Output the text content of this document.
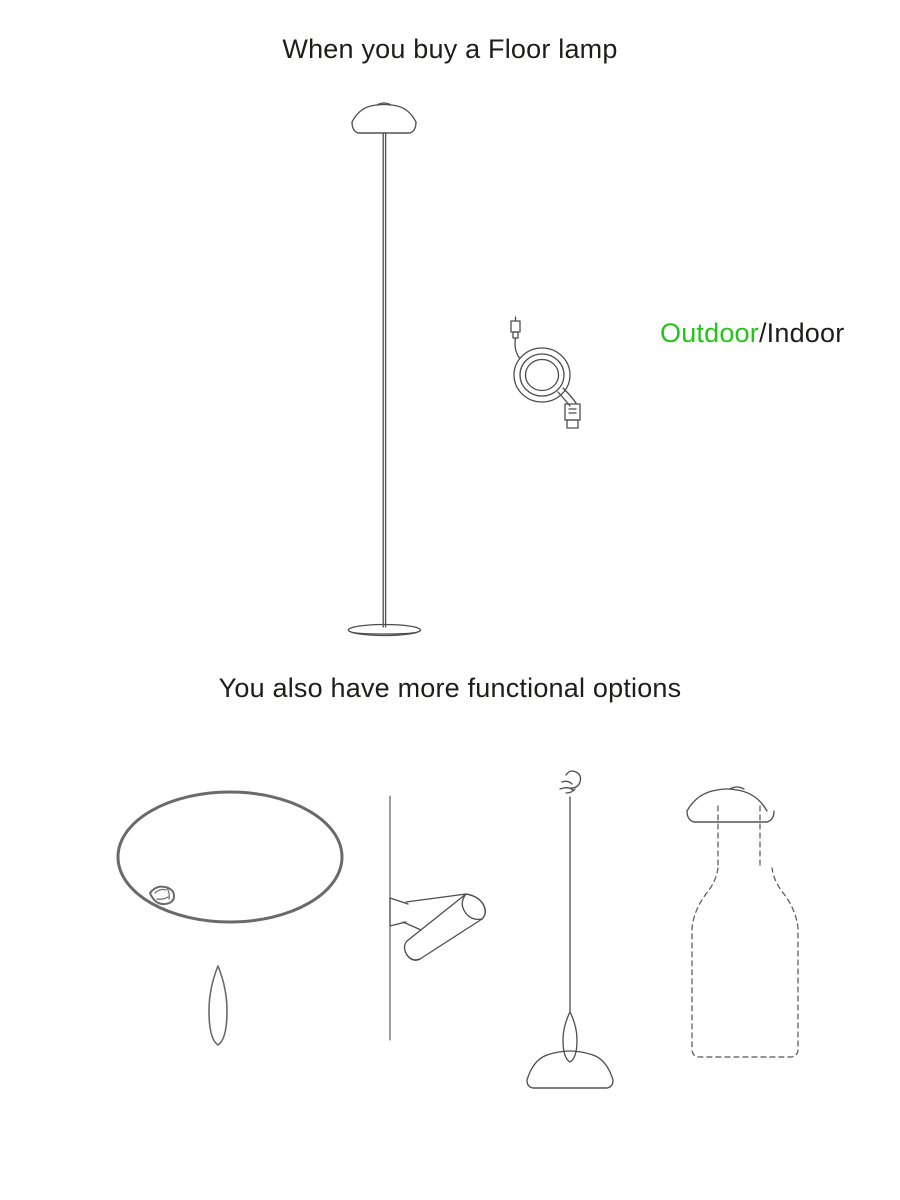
When you buy a Floor lamp
Outdoor/Indoor
You also have more functional options
